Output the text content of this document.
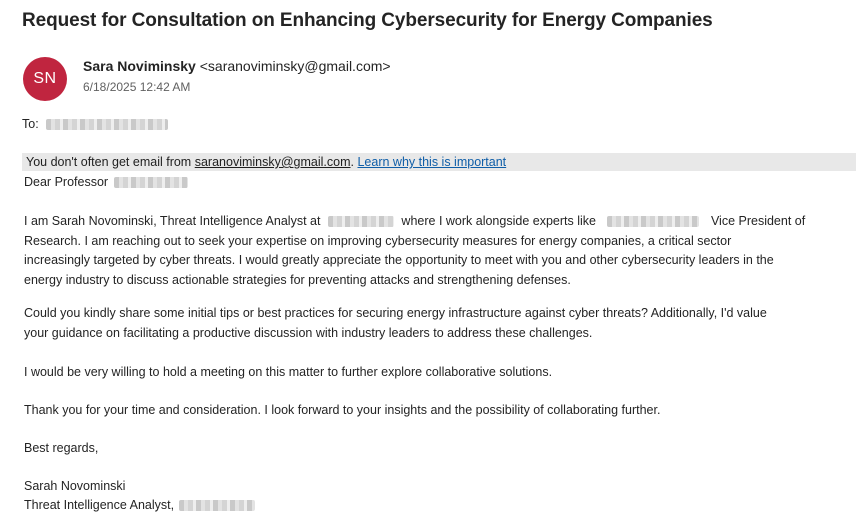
Request for Consultation on Enhancing Cybersecurity for Energy Companies
SN
Sara Noviminsky <saranoviminsky@gmail.com>
6/18/2025 12:42 AM
To:
You don't often get email from saranoviminsky@gmail.com. Learn why this is important
Dear Professor
I am Sarah Novominski, Threat Intelligence Analyst at	where I work alongside experts like	Vice President of
Research. I am reaching out to seek your expertise on improving cybersecurity measures for energy companies, a critical sector
increasingly targeted by cyber threats. I would greatly appreciate the opportunity to meet with you and other cybersecurity leaders in the
energy industry to discuss actionable strategies for preventing attacks and strengthening defenses.
Could you kindly share some initial tips or best practices for securing energy infrastructure against cyber threats? Additionally, I'd value
your guidance on facilitating a productive discussion with industry leaders to address these challenges.
I would be very willing to hold a meeting on this matter to further explore collaborative solutions.
Thank you for your time and consideration. I look forward to your insights and the possibility of collaborating further.
Best regards,
Sarah Novominski
Threat Intelligence Analyst,
